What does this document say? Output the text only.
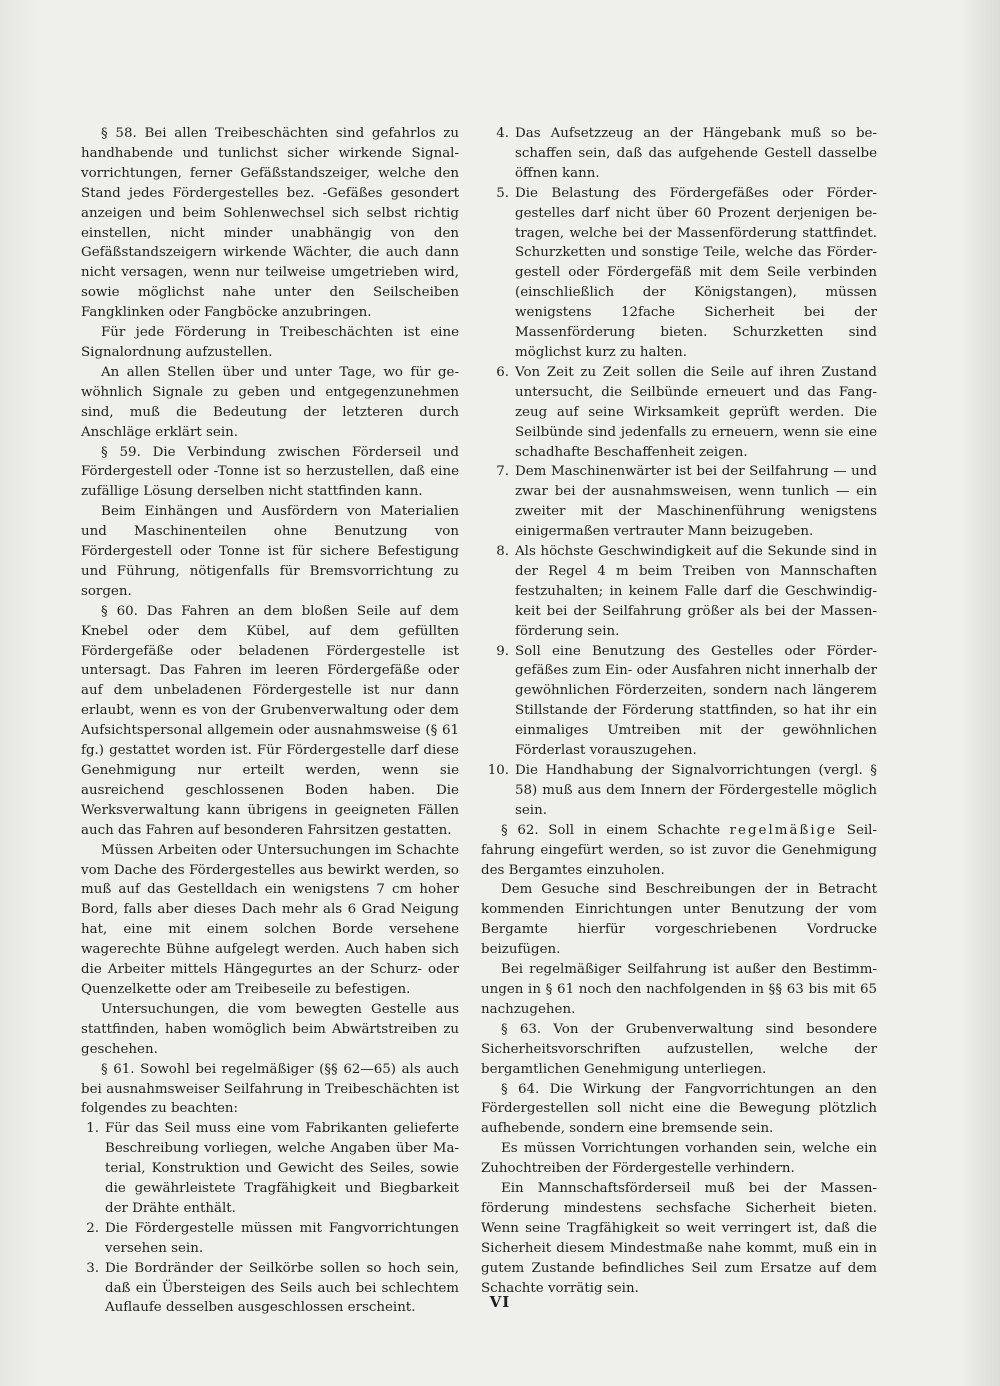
§ 58. Bei allen Treibeschächten sind gefahrlos zu handhabende und tunlichst sicher wirkende Signalvorrichtungen, ferner Gefäßstandszeiger, welche den Stand jedes Fördergestelles bez. -Gefäßes gesondert anzeigen und beim Sohlenwechsel sich selbst richtig einstellen, nicht minder unabhängig von den Gefäßstandszeigern wirkende Wächter, die auch dann nicht versagen, wenn nur teilweise umgetrieben wird, sowie möglichst nahe unter den Seilscheiben Fangklinken oder Fangböcke anzubringen.

Für jede Förderung in Treibeschächten ist eine Signalordnung aufzustellen.

An allen Stellen über und unter Tage, wo für gewöhnlich Signale zu geben und entgegenzunehmen sind, muß die Bedeutung der letzteren durch Anschläge erklärt sein.

§ 59. Die Verbindung zwischen Förderseil und Fördergestell oder -Tonne ist so herzustellen, daß eine zufällige Lösung derselben nicht stattfinden kann.

Beim Einhängen und Ausfördern von Materialien und Maschinenteilen ohne Benutzung von Fördergestell oder Tonne ist für sichere Befestigung und Führung, nötigenfalls für Bremsvorrichtung zu sorgen.

§ 60. Das Fahren an dem bloßen Seile auf dem Knebel oder dem Kübel, auf dem gefüllten Fördergefäße oder beladenen Fördergestelle ist untersagt. Das Fahren im leeren Fördergefäße oder auf dem unbeladenen Fördergestelle ist nur dann erlaubt, wenn es von der Grubenverwaltung oder dem Aufsichtspersonal allgemein oder ausnahmsweise (§ 61 fg.) gestattet worden ist. Für Fördergestelle darf diese Genehmigung nur erteilt werden, wenn sie ausreichend geschlossenen Boden haben. Die Werksverwaltung kann übrigens in geeigneten Fällen auch das Fahren auf besonderen Fahrsitzen gestatten.

Müssen Arbeiten oder Untersuchungen im Schachte vom Dache des Fördergestelles aus bewirkt werden, so muß auf das Gestelldach ein wenigstens 7 cm hoher Bord, falls aber dieses Dach mehr als 6 Grad Neigung hat, eine mit einem solchen Borde versehene wagerechte Bühne aufgelegt werden. Auch haben sich die Arbeiter mittels Hängegurtes an der Schurz- oder Quenzelkette oder am Treibeseile zu befestigen.

Untersuchungen, die vom bewegten Gestelle aus stattfinden, haben womöglich beim Abwärtstreiben zu geschehen.

§ 61. Sowohl bei regelmäßiger (§§ 62—65) als auch bei ausnahmsweiser Seilfahrung in Treibeschächten ist folgendes zu beachten:

1. Für das Seil muss eine vom Fabrikanten gelieferte Beschreibung vorliegen, welche Angaben über Material, Konstruktion und Gewicht des Seiles, sowie die gewährleistete Tragfähigkeit und Biegbarkeit der Drähte enthält.
2. Die Fördergestelle müssen mit Fangvorrichtungen versehen sein.
3. Die Bordränder der Seilkörbe sollen so hoch sein, daß ein Übersteigen des Seils auch bei schlechtem Auflaufe desselben ausgeschlossen erscheint.
4. Das Aufsetzzeug an der Hängebank muß so beschaffen sein, daß das aufgehende Gestell dasselbe öffnen kann.
5. Die Belastung des Fördergefäßes oder Fördergestelles darf nicht über 60 Prozent derjenigen betragen, welche bei der Massenförderung stattfindet. Schurzketten und sonstige Teile, welche das Fördergestell oder Fördergefäß mit dem Seile verbinden (einschließlich der Königstangen), müssen wenigstens 12fache Sicherheit bei der Massenförderung bieten. Schurzketten sind möglichst kurz zu halten.
6. Von Zeit zu Zeit sollen die Seile auf ihren Zustand untersucht, die Seilbünde erneuert und das Fangzeug auf seine Wirksamkeit geprüft werden. Die Seilbünde sind jedenfalls zu erneuern, wenn sie eine schadhafte Beschaffenheit zeigen.
7. Dem Maschinenwärter ist bei der Seilfahrung — und zwar bei der ausnahmsweisen, wenn tunlich — ein zweiter mit der Maschinenführung wenigstens einigermaßen vertrauter Mann beizugeben.
8. Als höchste Geschwindigkeit auf die Sekunde sind in der Regel 4 m beim Treiben von Mannschaften festzuhalten; in keinem Falle darf die Geschwindigkeit bei der Seilfahrung größer als bei der Massenförderung sein.
9. Soll eine Benutzung des Gestelles oder Fördergefäßes zum Ein- oder Ausfahren nicht innerhalb der gewöhnlichen Förderzeiten, sondern nach längerem Stillstande der Förderung stattfinden, so hat ihr ein einmaliges Umtreiben mit der gewöhnlichen Förderlast vorauszugehen.
10. Die Handhabung der Signalvorrichtungen (vergl. § 58) muß aus dem Innern der Fördergestelle möglich sein.

§ 62. Soll in einem Schachte regelmäßige Seilfahrung eingefürt werden, so ist zuvor die Genehmigung des Bergamtes einzuholen.

Dem Gesuche sind Beschreibungen der in Betracht kommenden Einrichtungen unter Benutzung der vom Bergamte hierfür vorgeschriebenen Vordrucke beizufügen.

Bei regelmäßiger Seilfahrung ist außer den Bestimmungen in § 61 noch den nachfolgenden in §§ 63 bis mit 65 nachzugehen.

§ 63. Von der Grubenverwaltung sind besondere Sicherheitsvorschriften aufzustellen, welche der bergamtlichen Genehmigung unterliegen.

§ 64. Die Wirkung der Fangvorrichtungen an den Fördergestellen soll nicht eine die Bewegung plötzlich aufhebende, sondern eine bremsende sein.

Es müssen Vorrichtungen vorhanden sein, welche ein Zuhochtreiben der Fördergestelle verhindern.

Ein Mannschaftsförderseil muß bei der Massenförderung mindestens sechsfache Sicherheit bieten. Wenn seine Tragfähigkeit so weit verringert ist, daß die Sicherheit diesem Mindestmaße nahe kommt, muß ein in gutem Zustande befindliches Seil zum Ersatze auf dem Schachte vorrätig sein.

VI
